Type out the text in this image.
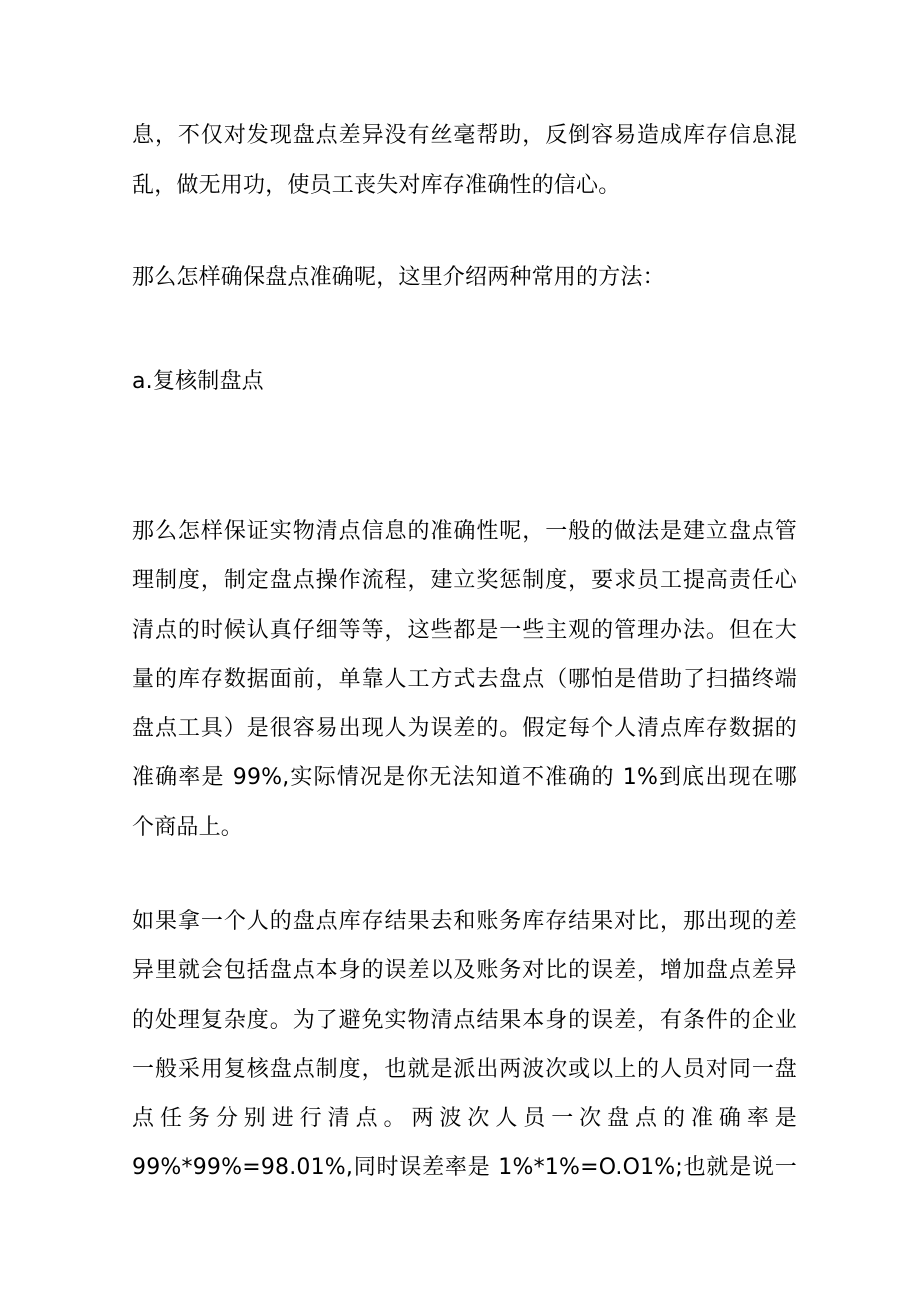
息，不仅对发现盘点差异没有丝毫帮助，反倒容易造成库存信息混
乱，做无用功，使员工丧失对库存准确性的信心。
那么怎样确保盘点准确呢，这里介绍两种常用的方法：
a.复核制盘点
那么怎样保证实物清点信息的准确性呢，一般的做法是建立盘点管
理制度，制定盘点操作流程，建立奖惩制度，要求员工提高责任心
清点的时候认真仔细等等，这些都是一些主观的管理办法。但在大
量的库存数据面前，单靠人工方式去盘点（哪怕是借助了扫描终端
盘点工具）是很容易出现人为误差的。假定每个人清点库存数据的
准确率是 99%,实际情况是你无法知道不准确的 1%到底出现在哪
个商品上。
如果拿一个人的盘点库存结果去和账务库存结果对比，那出现的差
异里就会包括盘点本身的误差以及账务对比的误差，增加盘点差异
的处理复杂度。为了避免实物清点结果本身的误差，有条件的企业
一般采用复核盘点制度，也就是派出两波次或以上的人员对同一盘
点任务分别进行清点。两波次人员一次盘点的准确率是
99%*99%=98.01%,同时误差率是 1%*1%=O.O1%;也就是说一
